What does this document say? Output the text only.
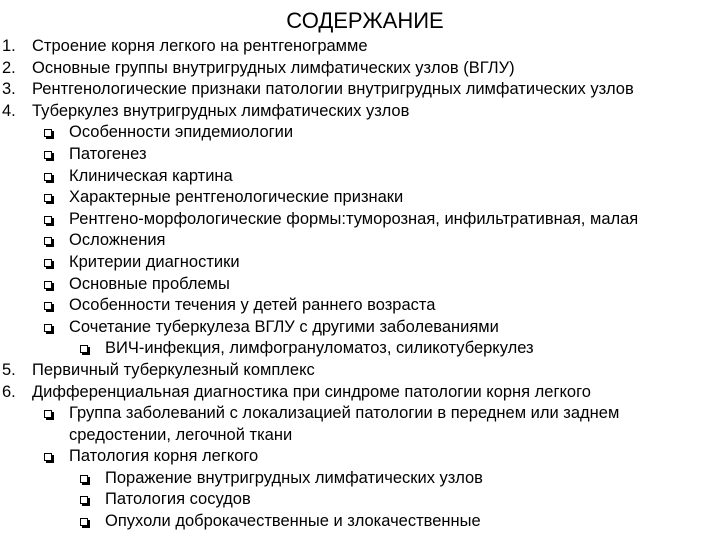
СОДЕРЖАНИЕ
1. Строение корня легкого на рентгенограмме
2. Основные группы внутригрудных лимфатических узлов (ВГЛУ)
3. Рентгенологические признаки патологии внутригрудных лимфатических узлов
4. Туберкулез внутригрудных лимфатических узлов
Особенности эпидемиологии
Патогенез
Клиническая картина
Характерные рентгенологические признаки
Рентгено-морфологические формы:туморозная, инфильтративная, малая
Осложнения
Критерии диагностики
Основные проблемы
Особенности течения у детей раннего возраста
Сочетание туберкулеза ВГЛУ с другими заболеваниями
ВИЧ-инфекция, лимфогрануломатоз, силикотуберкулез
5. Первичный туберкулезный комплекс
6. Дифференциальная диагностика при синдроме патологии корня легкого
Группа заболеваний с локализацией патологии в переднем или заднем
средостении, легочной ткани
Патология корня легкого
Поражение внутригрудных лимфатических узлов
Патология сосудов
Опухоли доброкачественные и злокачественные
